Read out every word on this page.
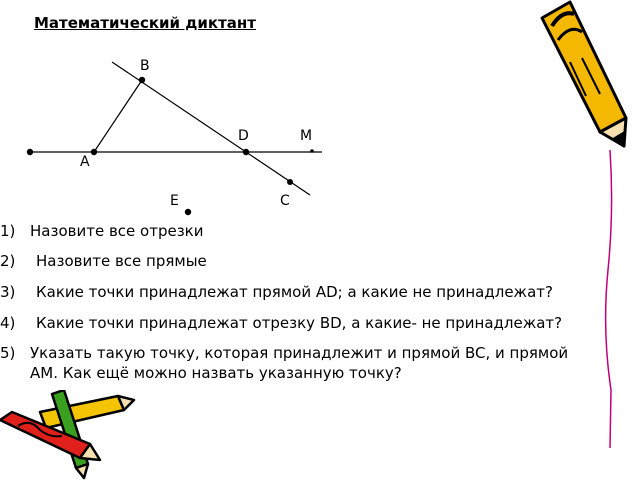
Математический диктант
B
A
D	M
E	C
1) Назовите все отрезки
2) Назовите все прямые
3) Какие точки принадлежат прямой AD; а какие не принадлежат?
4) Какие точки принадлежат отрезку BD, а какие- не принадлежат?
5) Указать такую точку, которая принадлежит и прямой BC, и прямой AM. Как ещё можно назвать указанную точку?
